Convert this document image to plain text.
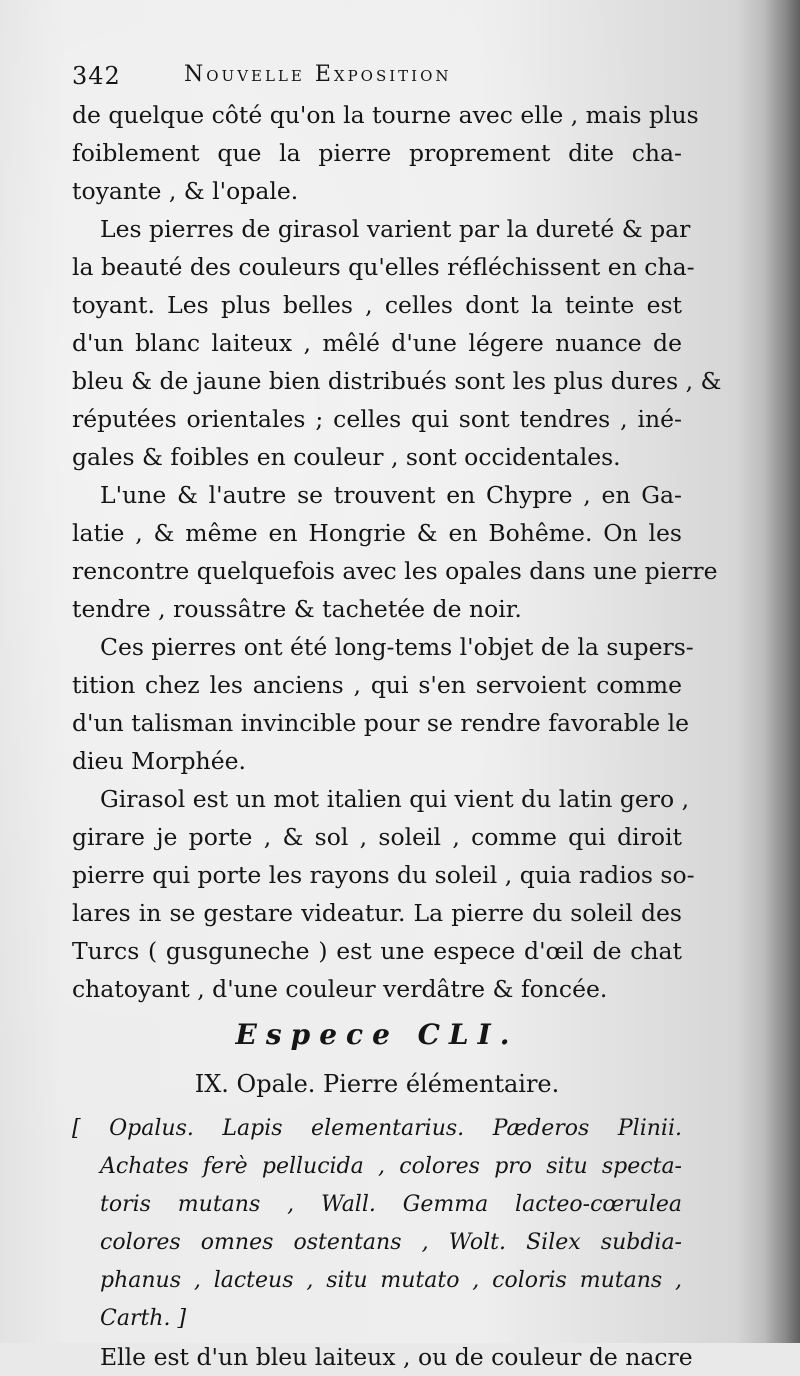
342	Nouvelle Exposition
de quelque côté qu'on la tourne avec elle , mais plus
foiblement que la pierre proprement dite cha-
toyante , & l'opale.
Les pierres de girasol varient par la dureté & par
la beauté des couleurs qu'elles réfléchissent en cha-
toyant. Les plus belles , celles dont la teinte est
d'un blanc laiteux , mêlé d'une légere nuance de
bleu & de jaune bien distribués sont les plus dures , &
réputées orientales ; celles qui sont tendres , iné-
gales & foibles en couleur , sont occidentales.
L'une & l'autre se trouvent en Chypre , en Ga-
latie , & même en Hongrie & en Bohême. On les
rencontre quelquefois avec les opales dans une pierre
tendre , roussâtre & tachetée de noir.
Ces pierres ont été long-tems l'objet de la supers-
tition chez les anciens , qui s'en servoient comme
d'un talisman invincible pour se rendre favorable le
dieu Morphée.
Girasol est un mot italien qui vient du latin gero ,
girare je porte , & sol , soleil , comme qui diroit
pierre qui porte les rayons du soleil , quia radios so-
lares in se gestare videatur. La pierre du soleil des
Turcs ( gusguneche ) est une espece d'œil de chat
chatoyant , d'une couleur verdâtre & foncée.
Espece CLI.
IX. Opale. Pierre élémentaire.
[ Opalus. Lapis elementarius. Pæderos Plinii.
Achates ferè pellucida , colores pro situ specta-
toris mutans , Wall. Gemma lacteo-cœrulea
colores omnes ostentans , Wolt. Silex subdia-
phanus , lacteus , situ mutato , coloris mutans ,
Carth. ]
Elle est d'un bleu laiteux , ou de couleur de nacre
